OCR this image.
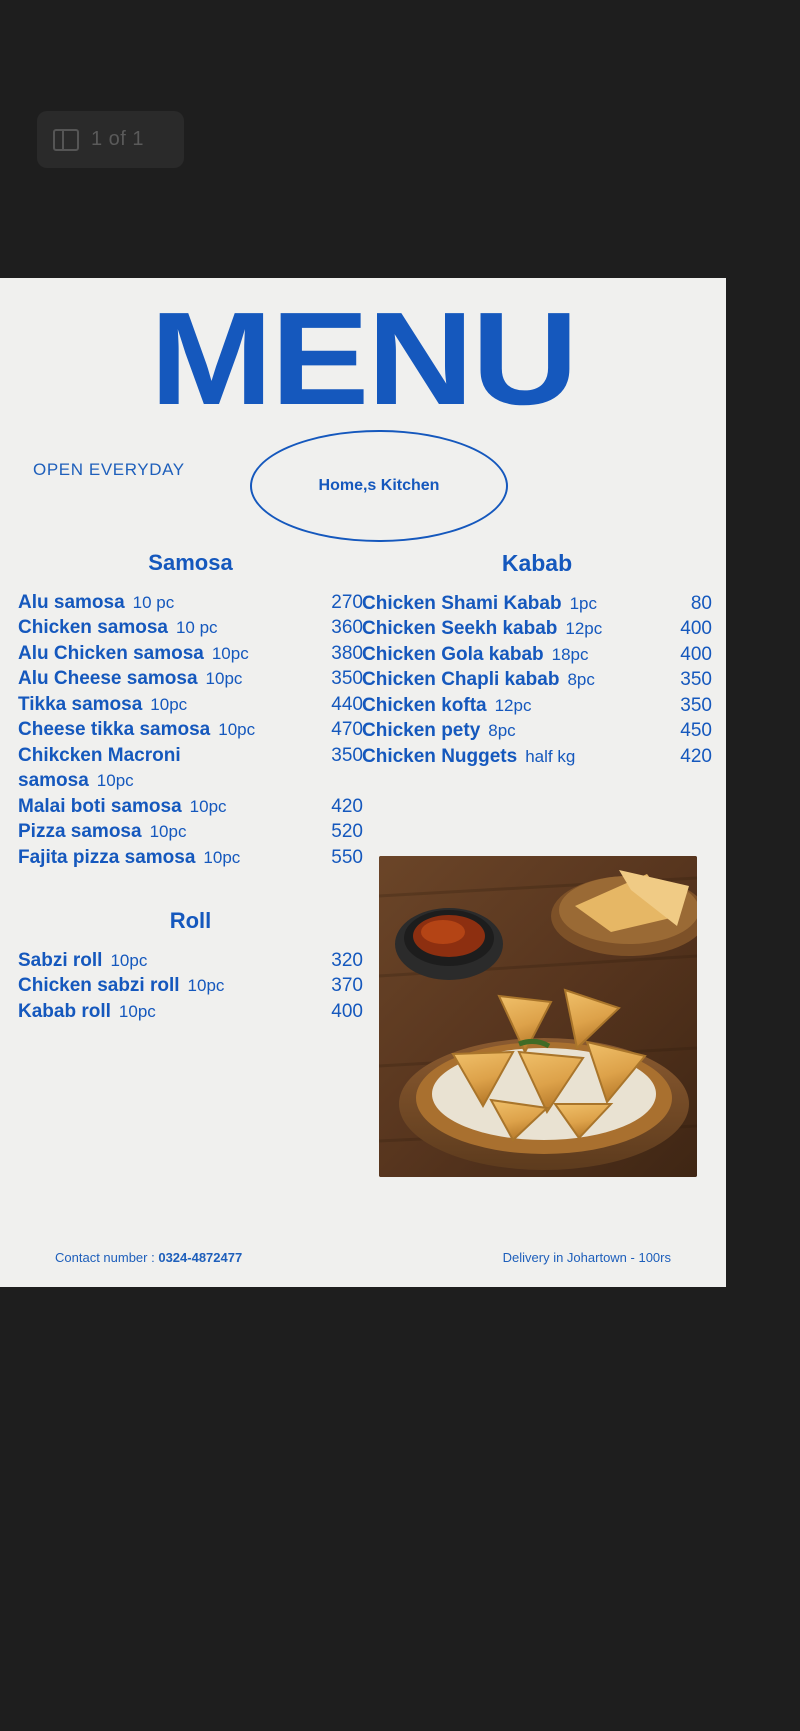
1 of 1
MENU
OPEN EVERYDAY
Home,s Kitchen
Samosa
Alu samosa 10 pc	270
Chicken samosa 10 pc	360
Alu Chicken samosa 10pc	380
Alu Cheese samosa 10pc	350
Tikka samosa 10pc	440
Cheese tikka samosa 10pc	470
Chikcken Macroni	350
samosa 10pc
Malai boti samosa 10pc	420
Pizza samosa 10pc	520
Fajita pizza samosa 10pc	550
Roll
Sabzi roll 10pc	320
Chicken sabzi roll 10pc	370
Kabab roll 10pc	400
Kabab
Chicken Shami Kabab 1pc	80
Chicken Seekh kabab 12pc	400
Chicken Gola kabab 18pc	400
Chicken Chapli kabab 8pc	350
Chicken kofta 12pc	350
Chicken pety 8pc	450
Chicken Nuggets half kg	420
Contact number : 0324-4872477	Delivery in Johartown - 100rs
